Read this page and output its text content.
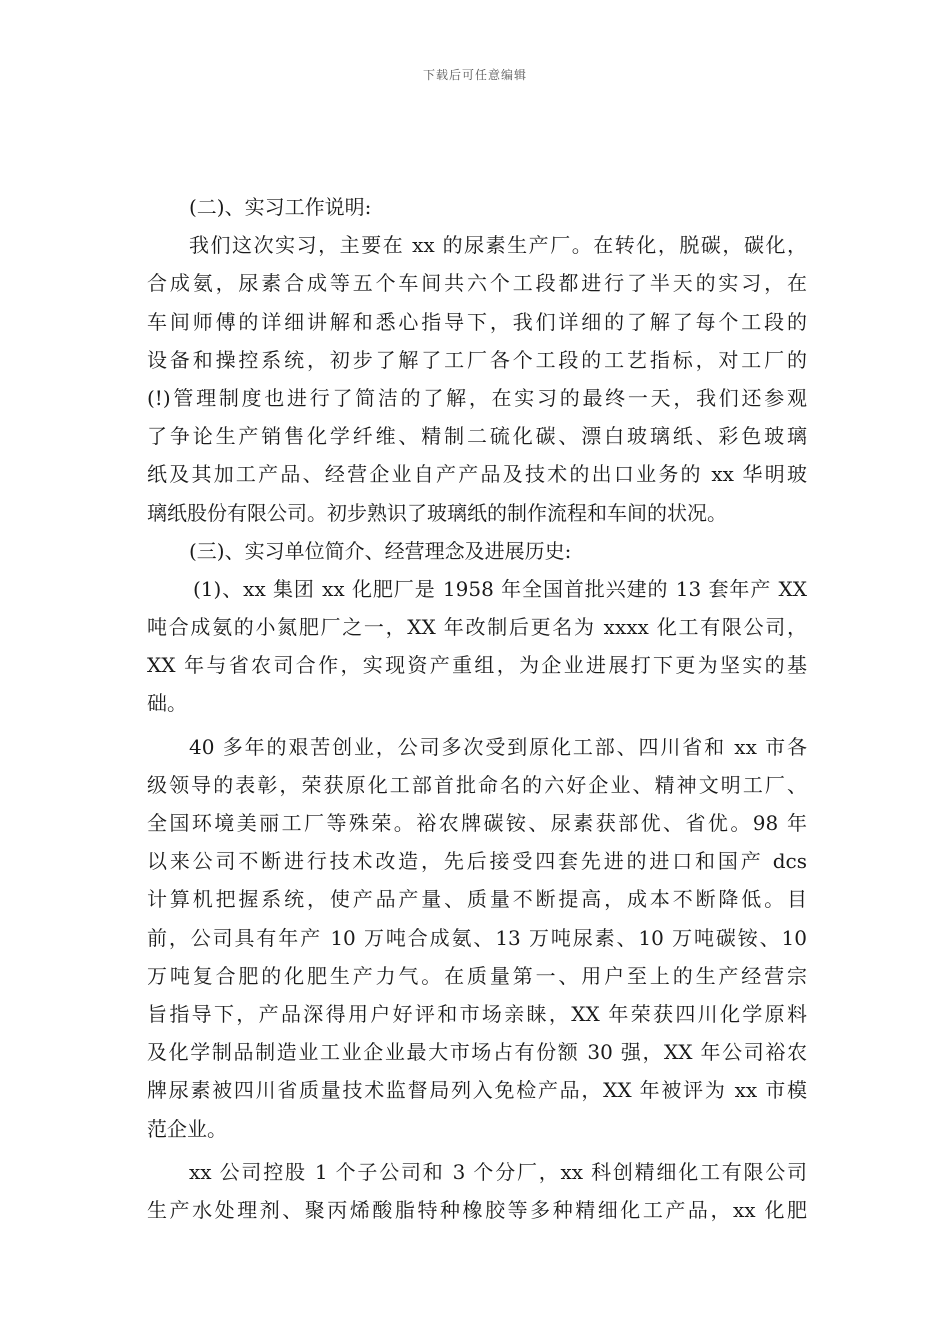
下载后可任意编辑
(二)、实习工作说明:
我们这次实习，主要在 xx 的尿素生产厂。在转化，脱碳，碳化，
合成氨，尿素合成等五个车间共六个工段都进行了半天的实习，在
车间师傅的详细讲解和悉心指导下，我们详细的了解了每个工段的
设备和操控系统，初步了解了工厂各个工段的工艺指标，对工厂的
(!)管理制度也进行了简洁的了解，在实习的最终一天，我们还参观
了争论生产销售化学纤维、精制二硫化碳、漂白玻璃纸、彩色玻璃
纸及其加工产品、经营企业自产产品及技术的出口业务的 xx 华明玻
璃纸股份有限公司。初步熟识了玻璃纸的制作流程和车间的状况。
(三)、实习单位简介、经营理念及进展历史:
(1)、xx 集团 xx 化肥厂是 1958 年全国首批兴建的 13 套年产 XX
吨合成氨的小氮肥厂之一，XX 年改制后更名为 xxxx 化工有限公司，
XX 年与省农司合作，实现资产重组，为企业进展打下更为坚实的基
础。
40 多年的艰苦创业，公司多次受到原化工部、四川省和 xx 市各
级领导的表彰，荣获原化工部首批命名的六好企业、精神文明工厂、
全国环境美丽工厂等殊荣。裕农牌碳铵、尿素获部优、省优。98 年
以来公司不断进行技术改造，先后接受四套先进的进口和国产 dcs
计算机把握系统，使产品产量、质量不断提高，成本不断降低。目
前，公司具有年产 10 万吨合成氨、13 万吨尿素、10 万吨碳铵、10
万吨复合肥的化肥生产力气。在质量第一、用户至上的生产经营宗
旨指导下，产品深得用户好评和市场亲睐，XX 年荣获四川化学原料
及化学制品制造业工业企业最大市场占有份额 30 强，XX 年公司裕农
牌尿素被四川省质量技术监督局列入免检产品，XX 年被评为 xx 市模
范企业。
xx 公司控股 1 个子公司和 3 个分厂，xx 科创精细化工有限公司
生产水处理剂、聚丙烯酸脂特种橡胶等多种精细化工产品，xx 化肥
